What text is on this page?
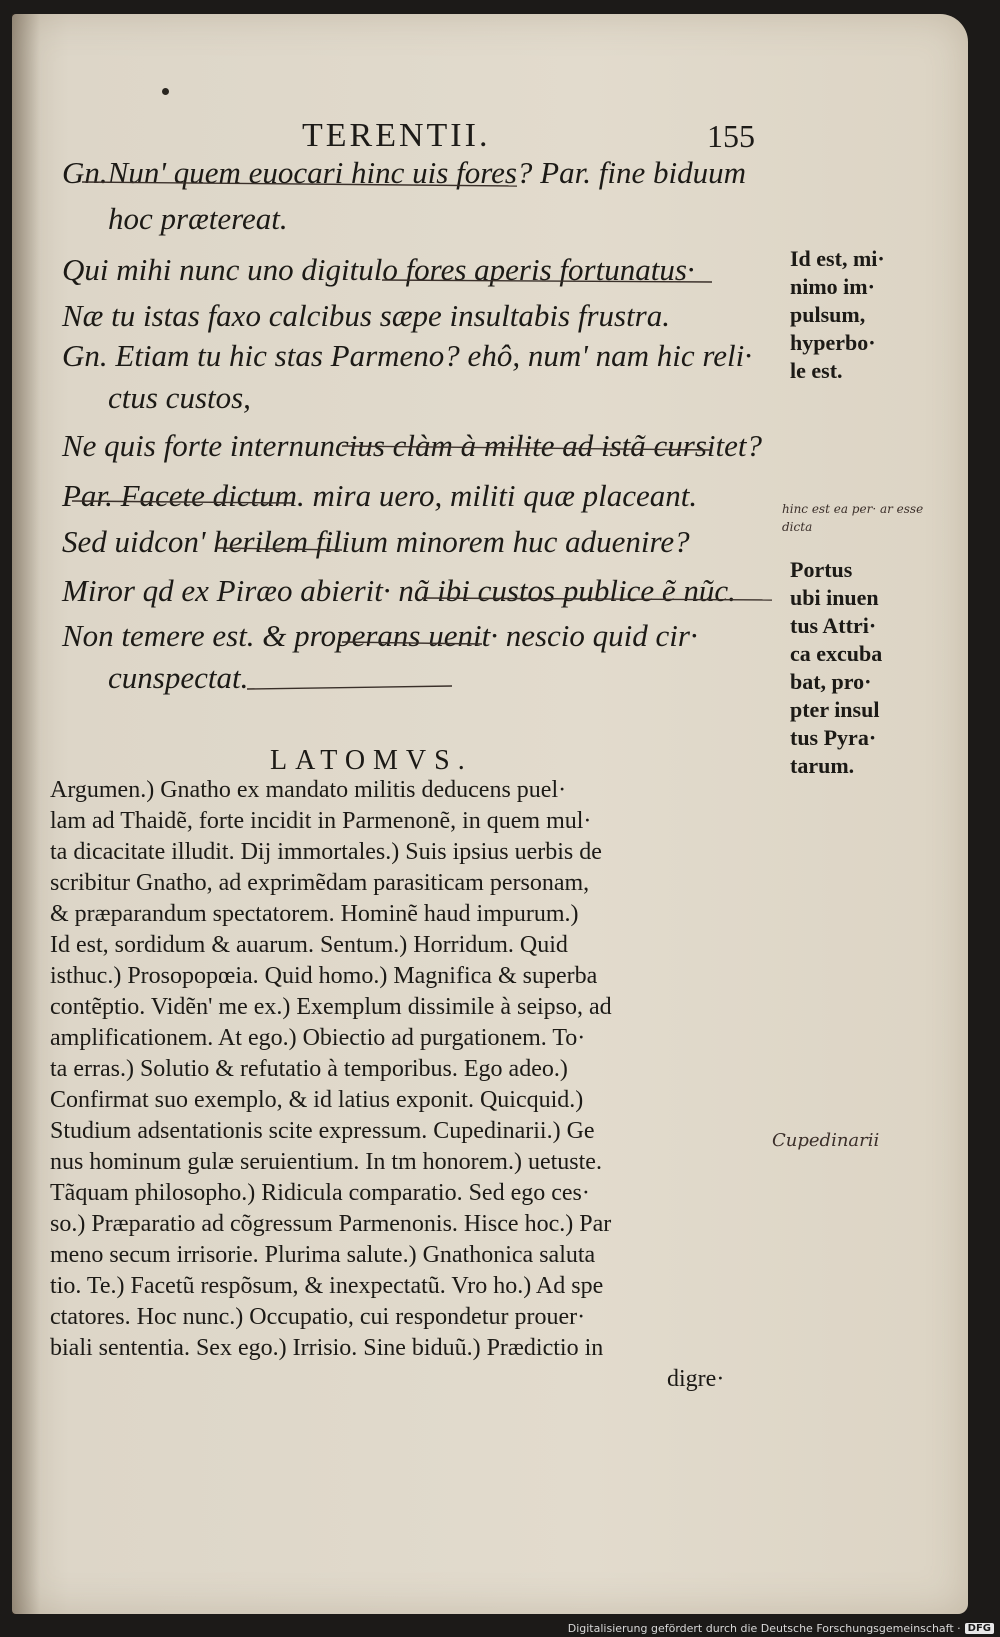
TERENTII.	155
Gn.Nun' quem euocari hinc uis fores? Par. fine biduum
hoc prætereat.
Qui mihi nunc uno digitulo fores aperis fortunatus·
Næ tu istas faxo calcibus sæpe insultabis frustra.
Gn. Etiam tu hic stas Parmeno? ehô, num' nam hic reli·
ctus custos,
Ne quis forte internuncius clàm à milite ad istã cursitet?
Par. Facete dictum. mira uero, militi quæ placeant.
Sed uidcon' herilem filium minorem huc aduenire?
Miror qd ex Piræo abierit· nã ibi custos publice ẽ nũc.
Non temere est. & properans uenit· nescio quid cir·
cunspectat.
Id est, mi·
nimo im·
pulsum,
hyperbo·
le est.
hinc est ea per· ar esse dicta
Portus
ubi inuen
tus Attri·
ca excuba
bat, pro·
pter insul
tus Pyra·
tarum.
LATOMVS.
Argumen.) Gnatho ex mandato militis deducens puel·
lam ad Thaidẽ, forte incidit in Parmenonẽ, in quem mul·
ta dicacitate illudit. Dij immortales.) Suis ipsius uerbis de
scribitur Gnatho, ad exprimẽdam parasiticam personam,
& præparandum spectatorem. Hominẽ haud impurum.)
Id est, sordidum & auarum. Sentum.) Horridum. Quid
isthuc.) Prosopopœia. Quid homo.) Magnifica & superba
contẽptio. Vidẽn' me ex.) Exemplum dissimile à seipso, ad
amplificationem. At ego.) Obiectio ad purgationem. To·
ta erras.) Solutio & refutatio à temporibus. Ego adeo.)
Confirmat suo exemplo, & id latius exponit. Quicquid.)
Studium adsentationis scite expressum. Cupedinarii.) Ge
nus hominum gulæ seruientium. In tm honorem.) uetuste.
Tãquam philosopho.) Ridicula comparatio. Sed ego ces·
so.) Præparatio ad cõgressum Parmenonis. Hisce hoc.) Par
meno secum irrisorie. Plurima salute.) Gnathonica saluta
tio. Te.) Facetũ respõsum, & inexpectatũ. Vro ho.) Ad spe
ctatores. Hoc nunc.) Occupatio, cui respondetur prouer·
biali sententia. Sex ego.) Irrisio. Sine biduũ.) Prædictio in
digre·
Cupedinarii
Digitalisierung gefördert durch die Deutsche Forschungsgemeinschaft · DFG
